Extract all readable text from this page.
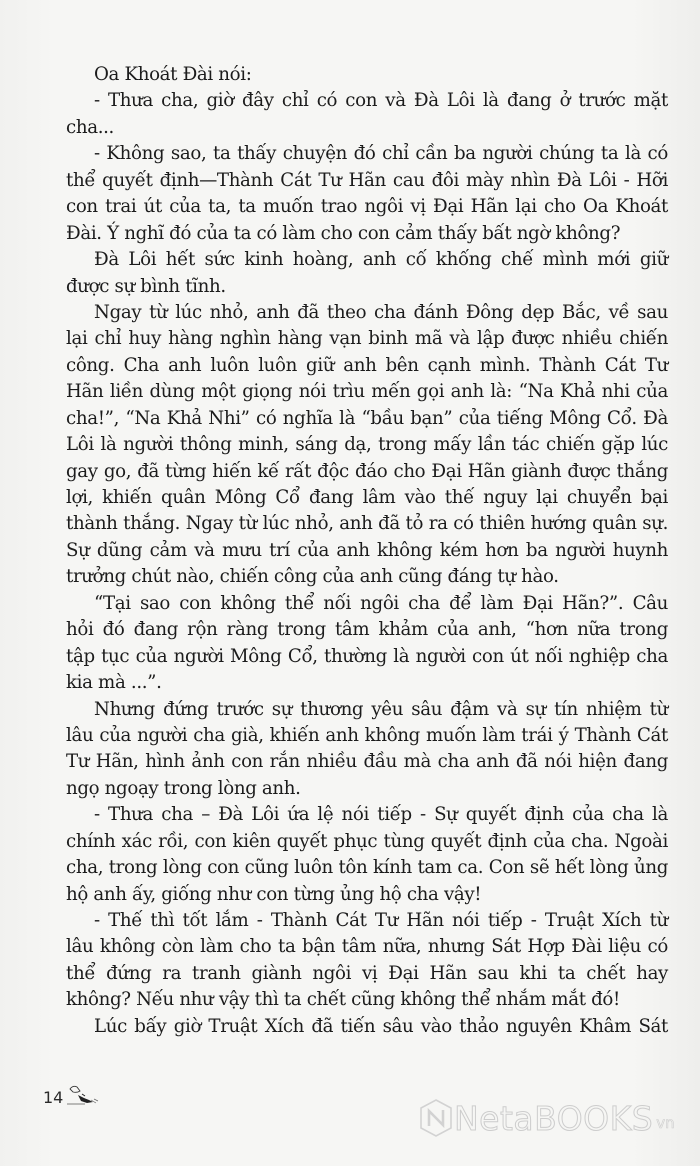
Oa Khoát Đài nói:
- Thưa cha, giờ đây chỉ có con và Đà Lôi là đang ở trước mặt
cha...
- Không sao, ta thấy chuyện đó chỉ cần ba người chúng ta là có
thể quyết định—Thành Cát Tư Hãn cau đôi mày nhìn Đà Lôi - Hỡi
con trai út của ta, ta muốn trao ngôi vị Đại Hãn lại cho Oa Khoát
Đài. Ý nghĩ đó của ta có làm cho con cảm thấy bất ngờ không?
Đà Lôi hết sức kinh hoàng, anh cố khống chế mình mới giữ
được sự bình tĩnh.
Ngay từ lúc nhỏ, anh đã theo cha đánh Đông dẹp Bắc, về sau
lại chỉ huy hàng nghìn hàng vạn binh mã và lập được nhiều chiến
công. Cha anh luôn luôn giữ anh bên cạnh mình. Thành Cát Tư
Hãn liền dùng một giọng nói trìu mến gọi anh là: “Na Khả nhi của
cha!”, “Na Khả Nhi” có nghĩa là “bầu bạn” của tiếng Mông Cổ. Đà
Lôi là người thông minh, sáng dạ, trong mấy lần tác chiến gặp lúc
gay go, đã từng hiến kế rất độc đáo cho Đại Hãn giành được thắng
lợi, khiến quân Mông Cổ đang lâm vào thế nguy lại chuyển bại
thành thắng. Ngay từ lúc nhỏ, anh đã tỏ ra có thiên hướng quân sự.
Sự dũng cảm và mưu trí của anh không kém hơn ba người huynh
trưởng chút nào, chiến công của anh cũng đáng tự hào.
“Tại sao con không thể nối ngôi cha để làm Đại Hãn?”. Câu
hỏi đó đang rộn ràng trong tâm khảm của anh, “hơn nữa trong
tập tục của người Mông Cổ, thường là người con út nối nghiệp cha
kia mà ...”.
Nhưng đứng trước sự thương yêu sâu đậm và sự tín nhiệm từ
lâu của người cha già, khiến anh không muốn làm trái ý Thành Cát
Tư Hãn, hình ảnh con rắn nhiều đầu mà cha anh đã nói hiện đang
ngọ ngoạy trong lòng anh.
- Thưa cha – Đà Lôi ứa lệ nói tiếp - Sự quyết định của cha là
chính xác rồi, con kiên quyết phục tùng quyết định của cha. Ngoài
cha, trong lòng con cũng luôn tôn kính tam ca. Con sẽ hết lòng ủng
hộ anh ấy, giống như con từng ủng hộ cha vậy!
- Thế thì tốt lắm - Thành Cát Tư Hãn nói tiếp - Truật Xích từ
lâu không còn làm cho ta bận tâm nữa, nhưng Sát Hợp Đài liệu có
thể đứng ra tranh giành ngôi vị Đại Hãn sau khi ta chết hay
không? Nếu như vậy thì ta chết cũng không thể nhắm mắt đó!
Lúc bấy giờ Truật Xích đã tiến sâu vào thảo nguyên Khâm Sát
14
NetaBOOKS vn
